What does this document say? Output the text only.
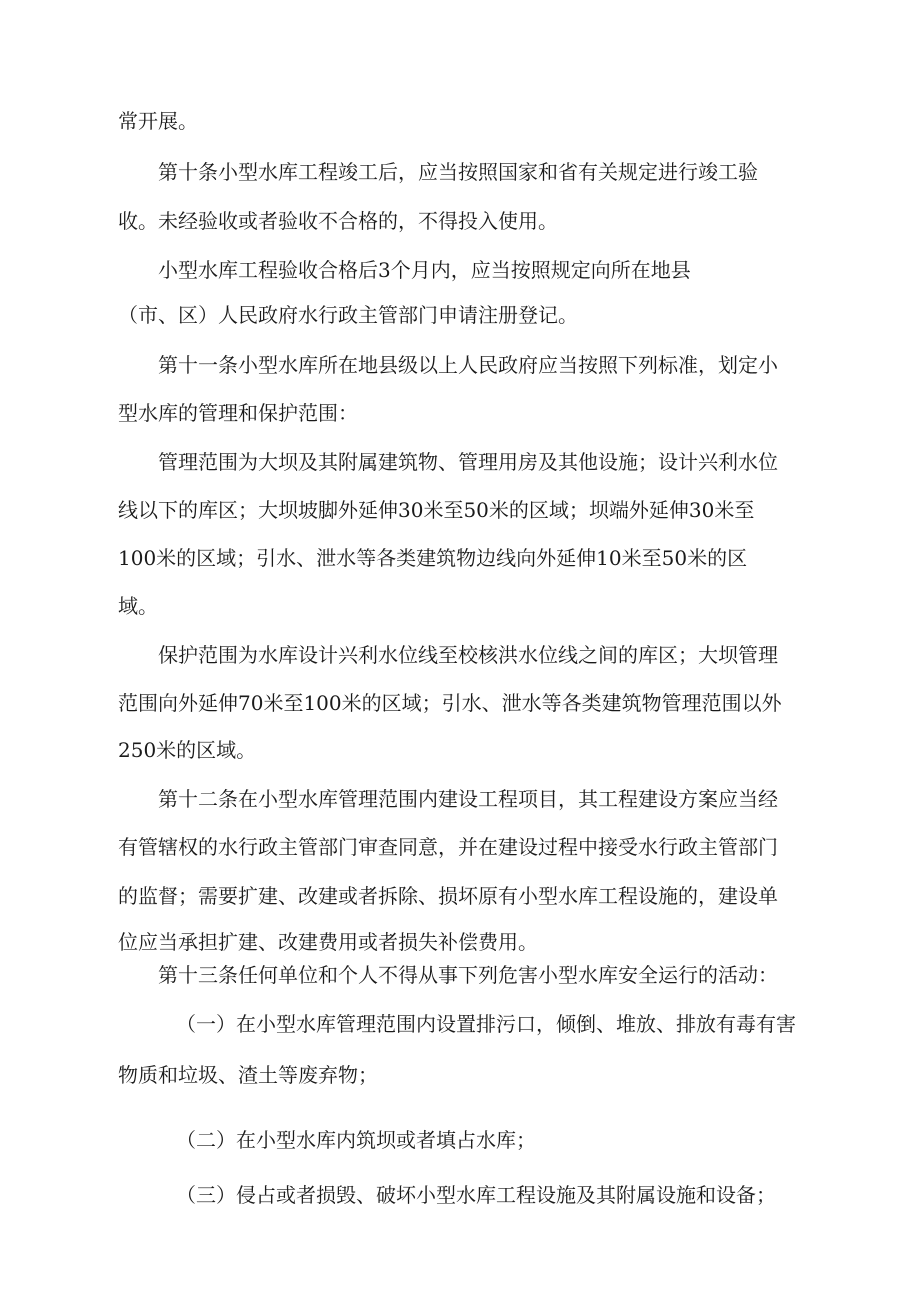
常开展。
第十条小型水库工程竣工后，应当按照国家和省有关规定进行竣工验
收。未经验收或者验收不合格的，不得投入使用。
小型水库工程验收合格后3个月内，应当按照规定向所在地县
（市、区）人民政府水行政主管部门申请注册登记。
第十一条小型水库所在地县级以上人民政府应当按照下列标准，划定小
型水库的管理和保护范围：
管理范围为大坝及其附属建筑物、管理用房及其他设施；设计兴利水位
线以下的库区；大坝坡脚外延伸30米至50米的区域；坝端外延伸30米至
100米的区域；引水、泄水等各类建筑物边线向外延伸10米至50米的区
域。
保护范围为水库设计兴利水位线至校核洪水位线之间的库区；大坝管理
范围向外延伸70米至100米的区域；引水、泄水等各类建筑物管理范围以外
250米的区域。
第十二条在小型水库管理范围内建设工程项目，其工程建设方案应当经
有管辖权的水行政主管部门审查同意，并在建设过程中接受水行政主管部门
的监督；需要扩建、改建或者拆除、损坏原有小型水库工程设施的，建设单
位应当承担扩建、改建费用或者损失补偿费用。
第十三条任何单位和个人不得从事下列危害小型水库安全运行的活动：
（一）在小型水库管理范围内设置排污口，倾倒、堆放、排放有毒有害
物质和垃圾、渣土等废弃物；
（二）在小型水库内筑坝或者填占水库；
（三）侵占或者损毁、破坏小型水库工程设施及其附属设施和设备；
